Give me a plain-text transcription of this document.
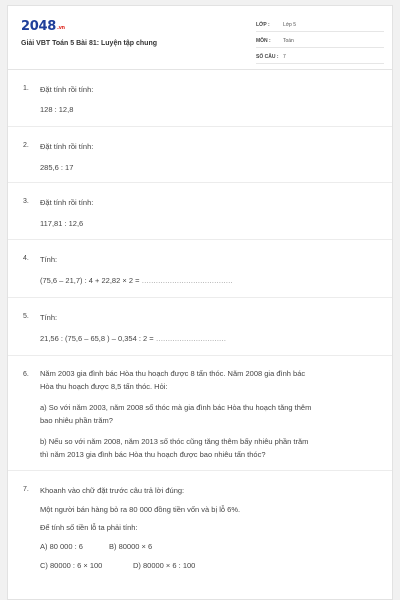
2048.vn
Giải VBT Toán 5 Bài 81: Luyện tập chung
LỚP :	Lớp 5
MÔN :	Toán
SỐ CÂU : 7
1. Đặt tính rồi tính:
128 : 12,8
2. Đặt tính rồi tính:
285,6 : 17
3. Đặt tính rồi tính:
117,81 : 12,6
4. Tính:
(75,6 – 21,7) : 4 + 22,82 × 2 = …………………………………
5. Tính:
21,56 : (75,6 – 65,8 ) – 0,354 : 2 = …………………………
6. Năm 2003 gia đình bác Hòa thu hoạch được 8 tấn thóc. Năm 2008 gia đình bác
Hòa thu hoạch được 8,5 tấn thóc. Hỏi:
a) So với năm 2003, năm 2008 số thóc mà gia đình bác Hòa thu hoạch tăng thêm
bao nhiêu phần trăm?
b) Nếu so với năm 2008, năm 2013 số thóc cũng tăng thêm bấy nhiêu phần trăm
thì năm 2013 gia đình bác Hòa thu hoạch được bao nhiêu tấn thóc?
7. Khoanh vào chữ đặt trước câu trả lời đúng:
Một người bán hàng bỏ ra 80 000 đồng tiền vốn và bị lỗ 6%.
Để tính số tiền lỗ ta phải tính:
A) 80 000 : 6	B) 80000 × 6
C) 80000 : 6 × 100	D) 80000 × 6 : 100
